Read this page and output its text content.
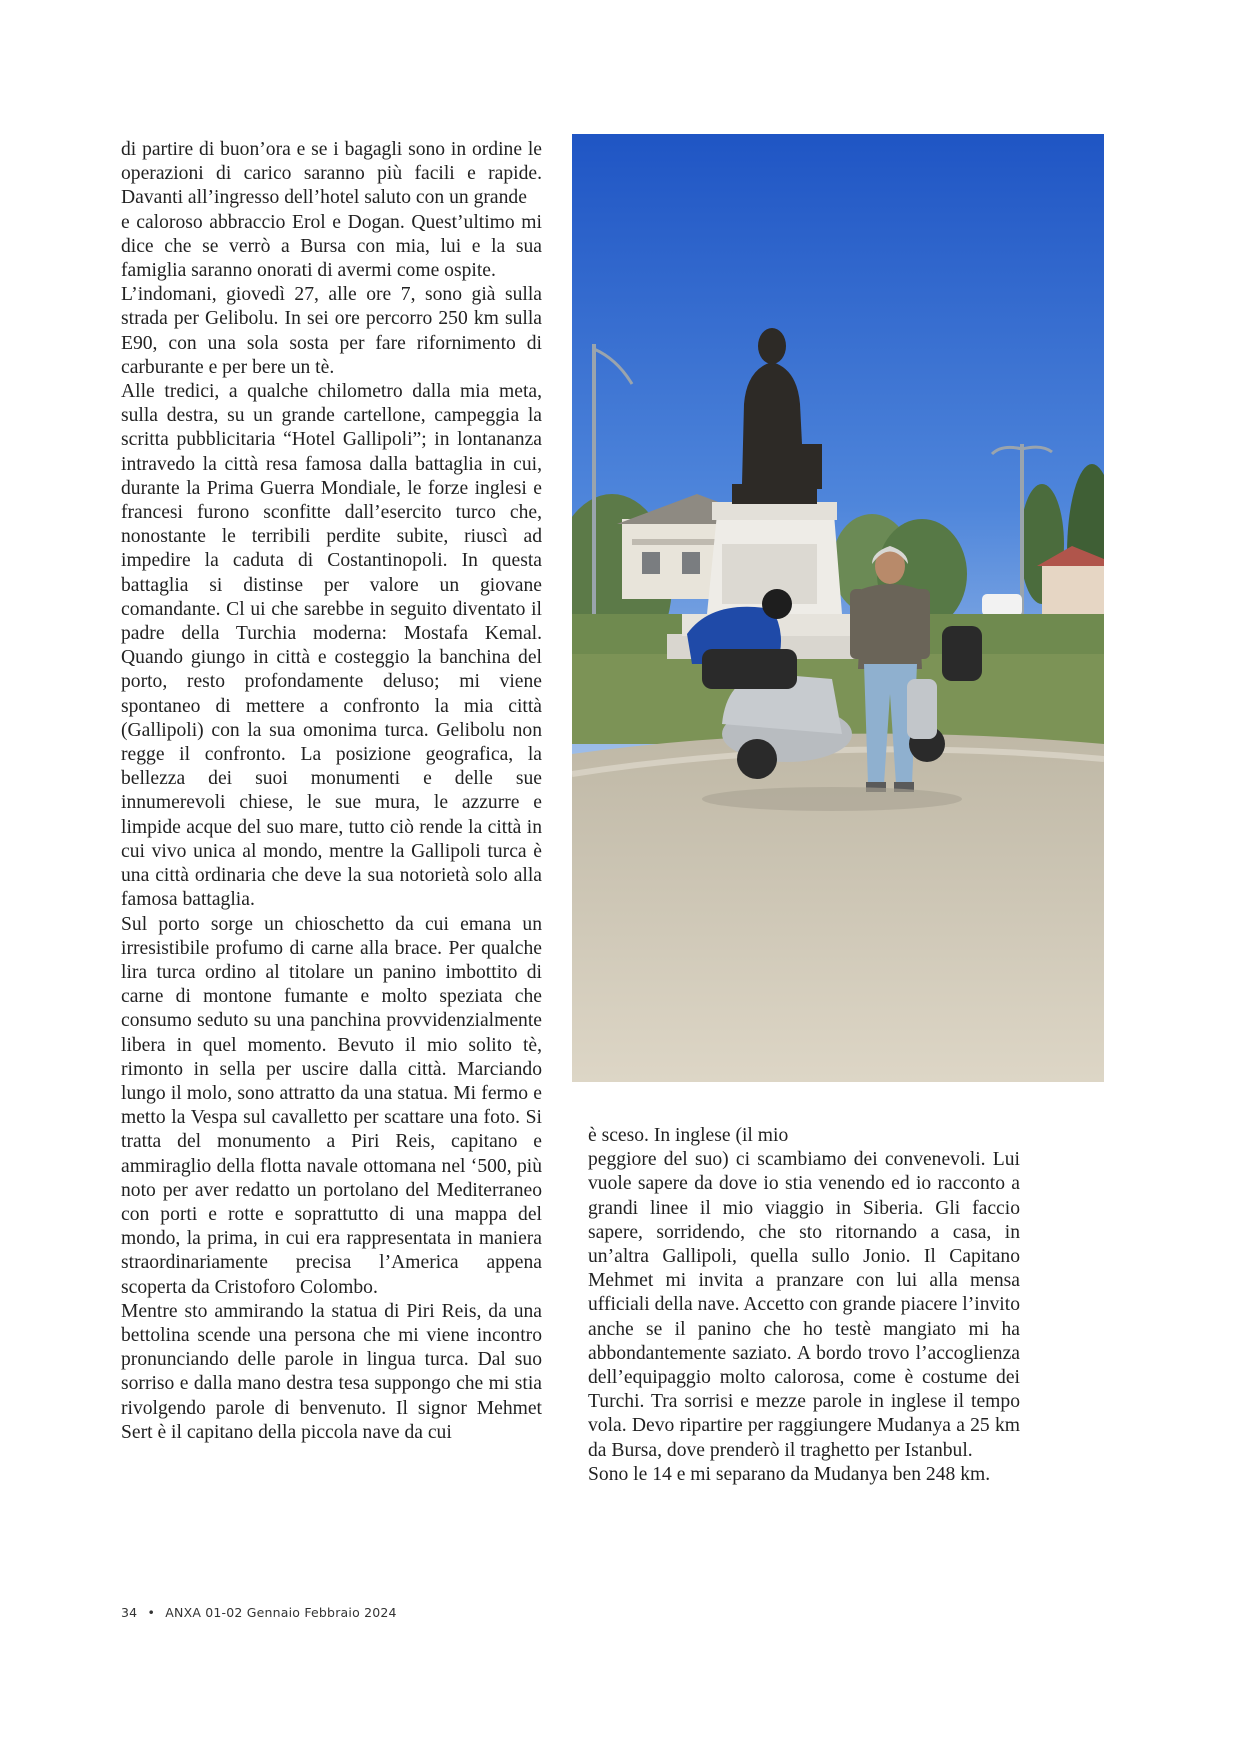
di partire di buon’ora e se i bagagli sono in ordine le operazioni di carico saranno più facili e rapide. Davanti all’ingresso dell’hotel saluto con un grande

e caloroso abbraccio Erol e Dogan. Quest’ultimo mi dice che se verrò a Bursa con mia, lui e la sua famiglia saranno onorati di avermi come ospite.

L’indomani, giovedì 27, alle ore 7, sono già sulla strada per Gelibolu. In sei ore percorro 250 km sulla E90, con una sola sosta per fare rifornimento di carburante e per bere un tè.

Alle tredici, a qualche chilometro dalla mia meta, sulla destra, su un grande cartellone, campeggia la scritta pubblicitaria “Hotel Gallipoli”; in lontananza intravedo la città resa famosa dalla battaglia in cui, durante la Prima Guerra Mondiale, le forze inglesi e francesi furono sconfitte dall’esercito turco che, nonostante le terribili perdite subite, riuscì ad impedire la caduta di Costantinopoli. In questa battaglia si distinse per valore un giovane comandante. Cl ui che sarebbe in seguito diventato il padre della Turchia moderna: Mostafa Kemal. Quando giungo in città e costeggio la banchina del porto, resto profondamente deluso; mi viene spontaneo di mettere a confronto la mia città (Gallipoli) con la sua omonima turca. Gelibolu non regge il confronto. La posizione geografica, la bellezza dei suoi monumenti e delle sue innumerevoli chiese, le sue mura, le azzurre e limpide acque del suo mare, tutto ciò rende la città in cui vivo unica al mondo, mentre la Gallipoli turca è una città ordinaria che deve la sua notorietà solo alla famosa battaglia.

Sul porto sorge un chioschetto da cui emana un irresistibile profumo di carne alla brace. Per qualche lira turca ordino al titolare un panino imbottito di carne di montone fumante e molto speziata che consumo seduto su una panchina provvidenzialmente libera in quel momento. Bevuto il mio solito tè, rimonto in sella per uscire dalla città. Marciando lungo il molo, sono attratto da una statua. Mi fermo e metto la Vespa sul cavalletto per scattare una foto. Si tratta del monumento a Piri Reis, capitano e ammiraglio della flotta navale ottomana nel ‘500, più noto per aver redatto un portolano del Mediterraneo con porti e rotte e soprattutto di una mappa del mondo, la prima, in cui era rappresentata in maniera straordinariamente precisa l’America appena scoperta da Cristoforo Colombo.

Mentre sto ammirando la statua di Piri Reis, da una bettolina scende una persona che mi viene incontro pronunciando delle parole in lingua turca. Dal suo sorriso e dalla mano destra tesa suppongo che mi stia rivolgendo parole di benvenuto. Il signor Mehmet Sert è il capitano della piccola nave da cui

è sceso. In inglese (il mio

peggiore del suo) ci scambiamo dei convenevoli. Lui vuole sapere da dove io stia venendo ed io racconto a grandi linee il mio viaggio in Siberia. Gli faccio sapere, sorridendo, che sto ritornando a casa, in un’altra Gallipoli, quella sullo Jonio. Il Capitano Mehmet mi invita a pranzare con lui alla mensa ufficiali della nave. Accetto con grande piacere l’invito anche se il panino che ho testè mangiato mi ha abbondantemente saziato. A bordo trovo l’accoglienza dell’equipaggio molto calorosa, come è costume dei Turchi. Tra sorrisi e mezze parole in inglese il tempo vola. Devo ripartire per raggiungere Mudanya a 25 km da Bursa, dove prenderò il traghetto per Istanbul.

Sono le 14 e mi separano da Mudanya ben 248 km.

34 • ANXA 01-02 Gennaio Febbraio 2024
